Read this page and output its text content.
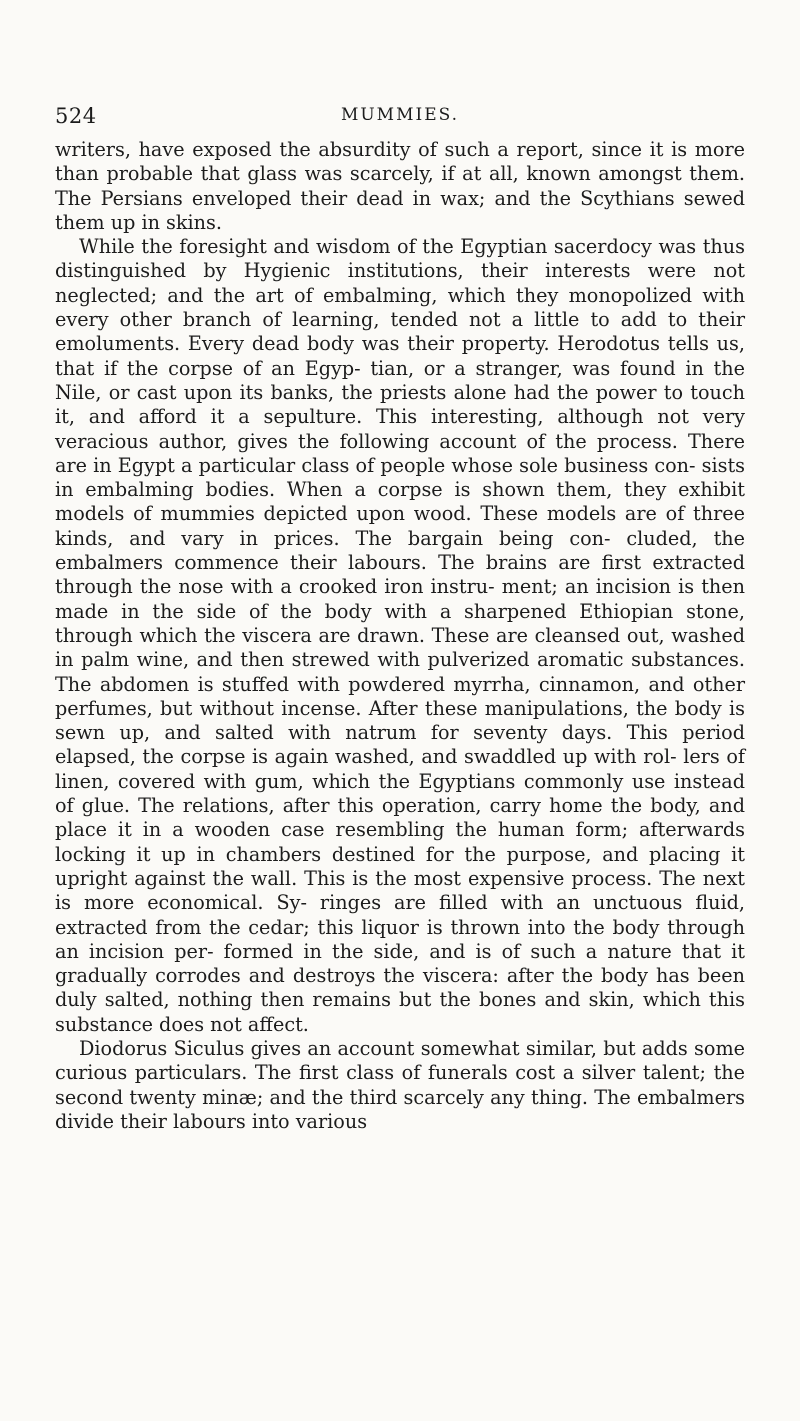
524	MUMMIES.

writers, have exposed the absurdity of such a report, since it is more than probable that glass was scarcely, if at all, known amongst them. The Persians enveloped their dead in wax; and the Scythians sewed them up in skins.

While the foresight and wisdom of the Egyptian sacerdocy was thus distinguished by Hygienic institutions, their interests were not neglected; and the art of embalming, which they monopolized with every other branch of learning, tended not a little to add to their emoluments. Every dead body was their property. Herodotus tells us, that if the corpse of an Egyp- tian, or a stranger, was found in the Nile, or cast upon its banks, the priests alone had the power to touch it, and afford it a sepulture. This interesting, although not very veracious author, gives the following account of the process. There are in Egypt a particular class of people whose sole business con- sists in embalming bodies. When a corpse is shown them, they exhibit models of mummies depicted upon wood. These models are of three kinds, and vary in prices. The bargain being con- cluded, the embalmers commence their labours. The brains are first extracted through the nose with a crooked iron instru- ment; an incision is then made in the side of the body with a sharpened Ethiopian stone, through which the viscera are drawn. These are cleansed out, washed in palm wine, and then strewed with pulverized aromatic substances. The abdomen is stuffed with powdered myrrha, cinnamon, and other perfumes, but without incense. After these manipulations, the body is sewn up, and salted with natrum for seventy days. This period elapsed, the corpse is again washed, and swaddled up with rol- lers of linen, covered with gum, which the Egyptians commonly use instead of glue. The relations, after this operation, carry home the body, and place it in a wooden case resembling the human form; afterwards locking it up in chambers destined for the purpose, and placing it upright against the wall. This is the most expensive process. The next is more economical. Sy- ringes are filled with an unctuous fluid, extracted from the cedar; this liquor is thrown into the body through an incision per- formed in the side, and is of such a nature that it gradually corrodes and destroys the viscera: after the body has been duly salted, nothing then remains but the bones and skin, which this substance does not affect.

Diodorus Siculus gives an account somewhat similar, but adds some curious particulars. The first class of funerals cost a silver talent; the second twenty minæ; and the third scarcely any thing. The embalmers divide their labours into various
